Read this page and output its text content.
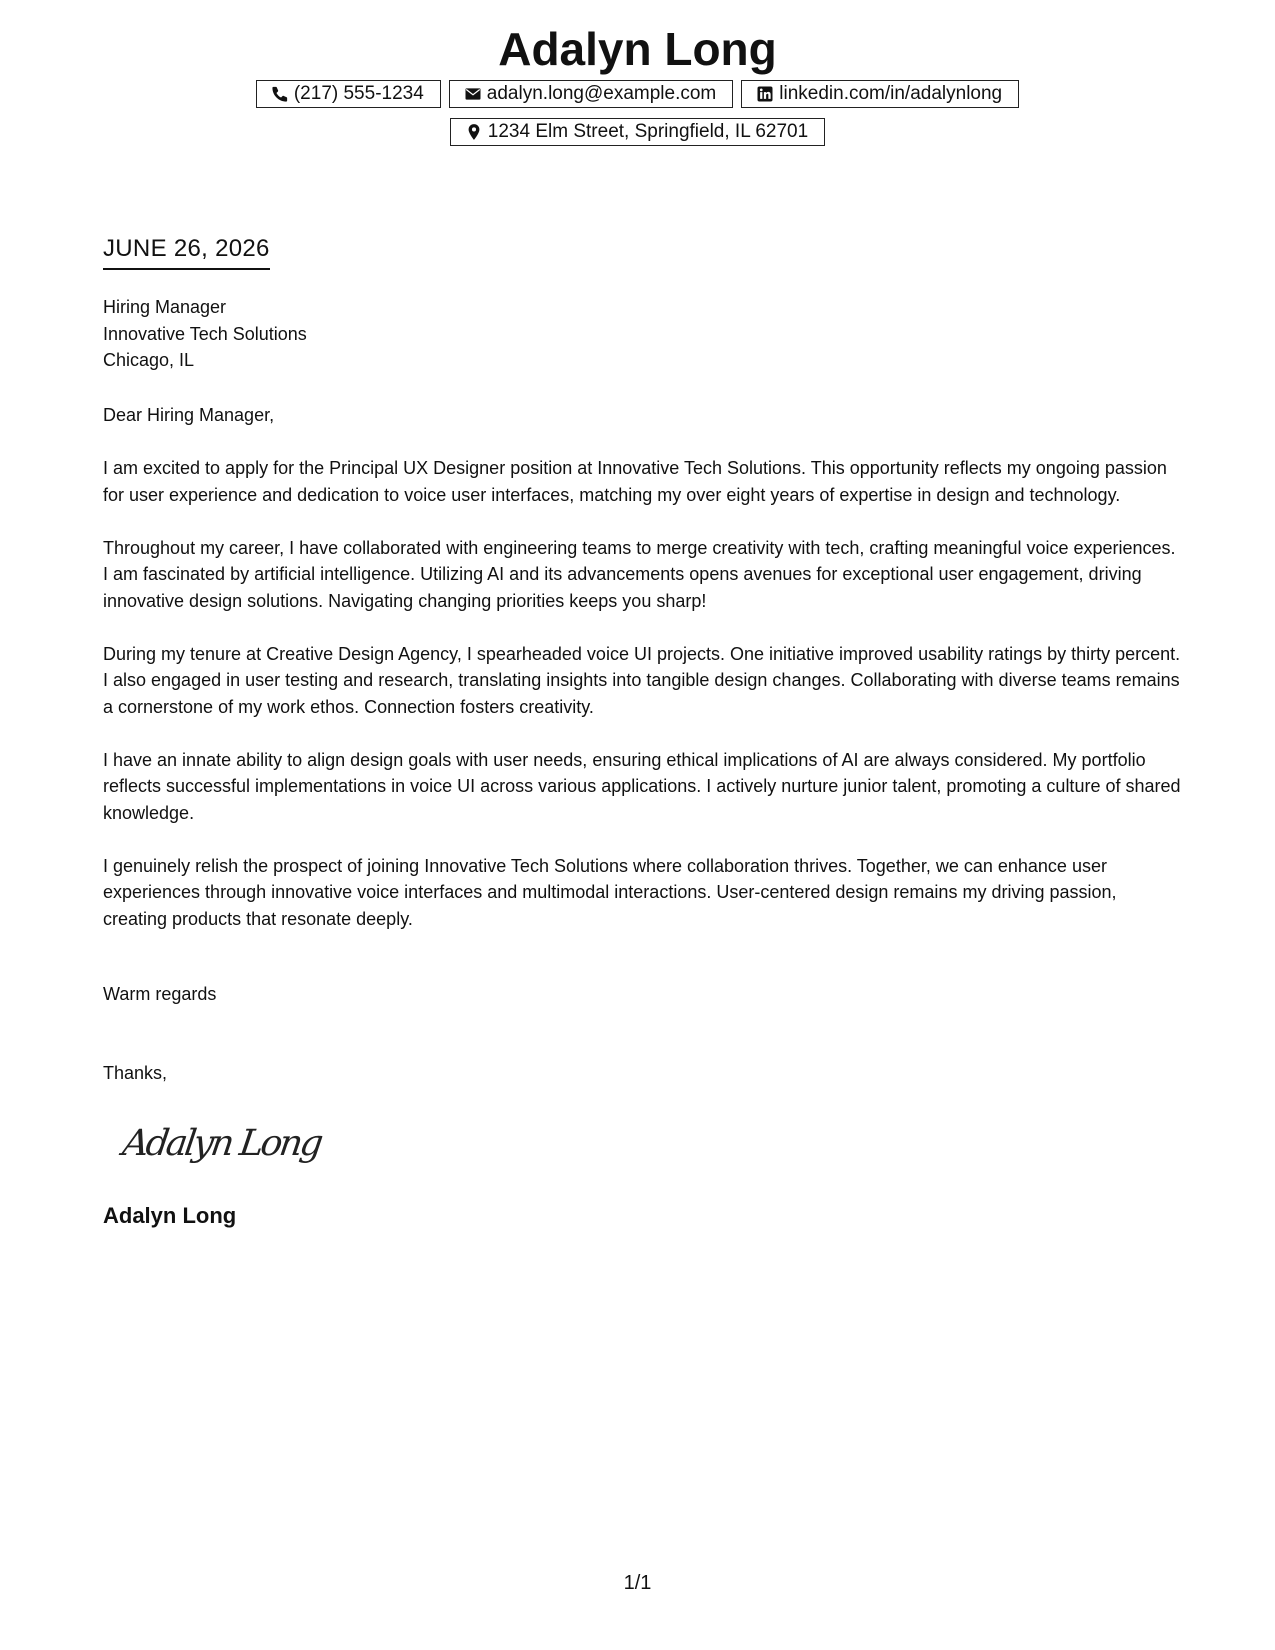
Adalyn Long
(217) 555-1234	adalyn.long@example.com	linkedin.com/in/adalynlong
1234 Elm Street, Springfield, IL 62701
JUNE 26, 2026
Hiring Manager
Innovative Tech Solutions
Chicago, IL

Dear Hiring Manager,

I am excited to apply for the Principal UX Designer position at Innovative Tech Solutions. This opportunity reflects my ongoing passion for user experience and dedication to voice user interfaces, matching my over eight years of expertise in design and technology.

Throughout my career, I have collaborated with engineering teams to merge creativity with tech, crafting meaningful voice experiences. I am fascinated by artificial intelligence. Utilizing AI and its advancements opens avenues for exceptional user engagement, driving innovative design solutions. Navigating changing priorities keeps you sharp!

During my tenure at Creative Design Agency, I spearheaded voice UI projects. One initiative improved usability ratings by thirty percent. I also engaged in user testing and research, translating insights into tangible design changes. Collaborating with diverse teams remains a cornerstone of my work ethos. Connection fosters creativity.

I have an innate ability to align design goals with user needs, ensuring ethical implications of AI are always considered. My portfolio reflects successful implementations in voice UI across various applications. I actively nurture junior talent, promoting a culture of shared knowledge.

I genuinely relish the prospect of joining Innovative Tech Solutions where collaboration thrives. Together, we can enhance user experiences through innovative voice interfaces and multimodal interactions. User-centered design remains my driving passion, creating products that resonate deeply.

Warm regards
Thanks,
Adalyn Long
Adalyn Long
1/1
